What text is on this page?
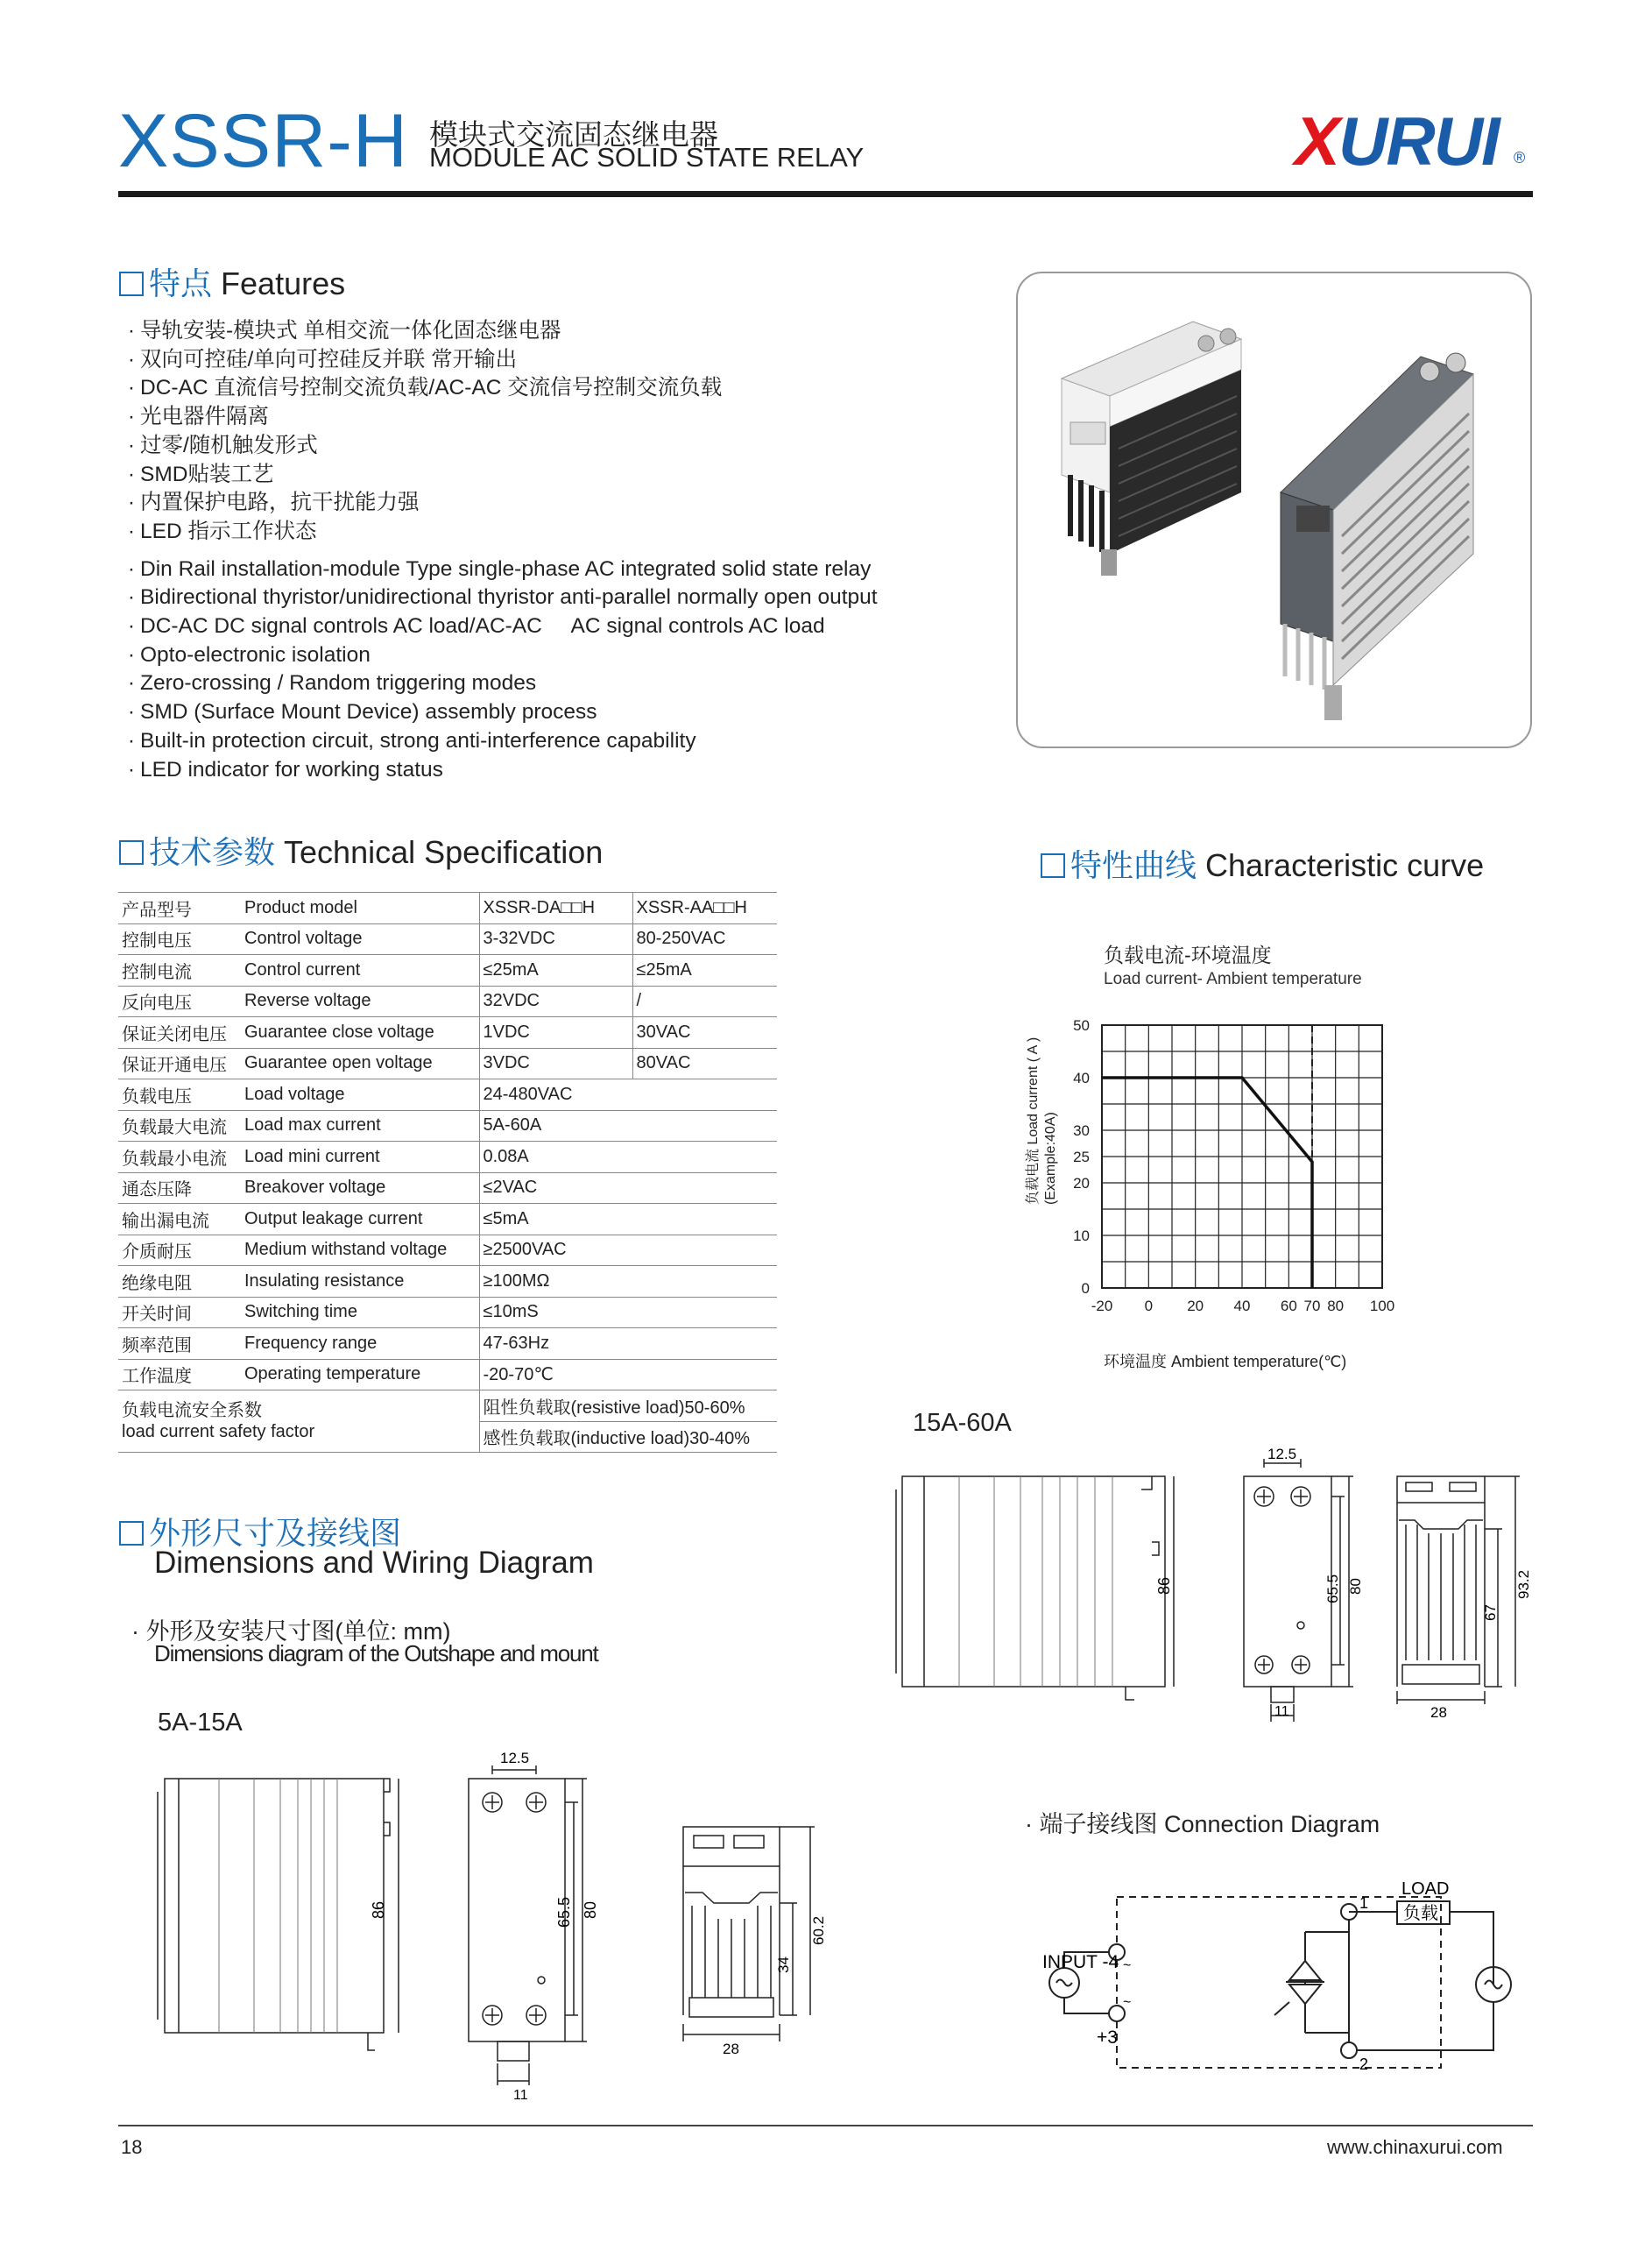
XSSR-H 模块式交流固态继电器
MODULE AC SOLID STATE RELAY	XURUI ®
特点 Features
· 导轨安装-模块式 单相交流一体化固态继电器
· 双向可控硅/单向可控硅反并联 常开输出
· DC-AC 直流信号控制交流负载/AC-AC 交流信号控制交流负载
· 光电器件隔离
· 过零/随机触发形式
· SMD贴装工艺
· 内置保护电路，抗干扰能力强
· LED 指示工作状态
· Din Rail installation-module Type single-phase AC integrated solid state relay
· Bidirectional thyristor/unidirectional thyristor anti-parallel normally open output
· DC-AC DC signal controls AC load/AC-AC     AC signal controls AC load
· Opto-electronic isolation
· Zero-crossing / Random triggering modes
· SMD (Surface Mount Device) assembly process
· Built-in protection circuit, strong anti-interference capability
· LED indicator for working status
技术参数 Technical Specification
产品型号	Product model	XSSR-DA□□H	XSSR-AA□□H
控制电压	Control voltage	3-32VDC	80-250VAC
控制电流	Control current	≤25mA	≤25mA
反向电压	Reverse voltage	32VDC	/
保证关闭电压	Guarantee close voltage	1VDC	30VAC
保证开通电压	Guarantee open voltage	3VDC	80VAC
负载电压	Load voltage	24-480VAC	
负载最大电流	Load max current	5A-60A	
负载最小电流	Load mini current	0.08A	
通态压降	Breakover voltage	≤2VAC	
输出漏电流	Output leakage current	≤5mA	
介质耐压	Medium withstand voltage	≥2500VAC	
绝缘电阻	Insulating resistance	≥100MΩ	
开关时间	Switching time	≤10mS	
频率范围	Frequency range	47-63Hz	
工作温度	Operating temperature	-20-70℃	

负载电流安全系数
load current safety factor		阻性负载取(resistive load)50-60%	
		感性负载取(inductive load)30-40%	
特性曲线 Characteristic curve
负载电流-环境温度
Load current- Ambient temperature
负载电流 Load current ( A ) (Example:40A)
环境温度 Ambient temperature(℃)
-20 0 20 40 60 70 80 100
0
10
20
25
30
40
50
外形尺寸及接线图
Dimensions and Wiring Diagram
· 外形及安装尺寸图(单位: mm)
Dimensions diagram of the Outshape and mount
5A-15A
15A-60A
86
12.5
11
65.5 80
28
34
60.2
86
12.5
11
65.5 80
28
67
93.2
· 端子接线图 Connection Diagram
INPUT -4
+3
~
~
1
2
LOAD
负载
18	www.chinaxurui.com
